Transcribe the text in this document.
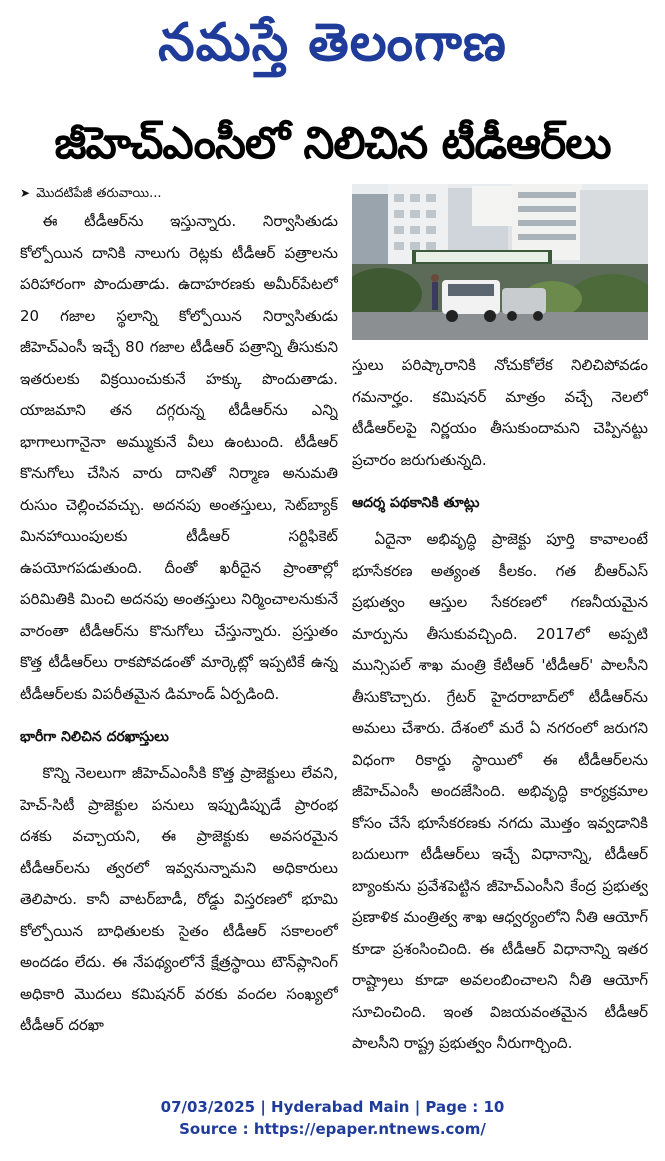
నమస్తే తెలంగాణ
జీహెచ్‌ఎంసీలో నిలిచిన టీడీఆర్‌లు
➤ మొదటిపేజీ తరువాయి...

ఈ టీడీఆర్‌ను ఇస్తున్నారు. నిర్వాసితుడు కోల్పోయిన దానికి నాలుగు రెట్లకు టీడీఆర్ పత్రాలను పరిహారంగా పొందుతాడు. ఉదాహరణకు అమీర్‌పేటలో 20 గజాల స్థలాన్ని కోల్పోయిన నిర్వాసితుడు జీహెచ్‌ఎంసీ ఇచ్చే 80 గజాల టీడీఆర్ పత్రాన్ని తీసుకుని ఇతరులకు విక్రయించుకునే హక్కు పొందుతాడు. యాజమాని తన దగ్గరున్న టీడీఆర్‌ను ఎన్ని భాగాలుగానైనా అమ్ముకునే వీలు ఉంటుంది. టీడీఆర్ కొనుగోలు చేసిన వారు దానితో నిర్మాణ అనుమతి రుసుం చెల్లించవచ్చు. అదనపు అంతస్తులు, సెట్‌బ్యాక్ మినహాయింపులకు టీడీఆర్ సర్టిఫికెట్ ఉపయోగపడుతుంది. దీంతో ఖరీదైన ప్రాంతాల్లో పరిమితికి మించి అదనపు అంతస్తులు నిర్మించాలనుకునే వారంతా టీడీఆర్‌ను కొనుగోలు చేస్తున్నారు. ప్రస్తుతం కొత్త టీడీఆర్‌లు రాకపోవడంతో మార్కెట్లో ఇప్పటికే ఉన్న టీడీఆర్‌లకు విపరీతమైన డిమాండ్ ఏర్పడింది.

భారీగా నిలిచిన దరఖాస్తులు

కొన్ని నెలలుగా జీహెచ్‌ఎంసీకి కొత్త ప్రాజెక్టులు లేవని, హెచ్-సిటీ ప్రాజెక్టుల పనులు ఇప్పుడిప్పుడే ప్రారంభ దశకు వచ్చాయని, ఈ ప్రాజెక్టుకు అవసరమైన టీడీఆర్‌లను త్వరలో ఇవ్వనున్నామని అధికారులు తెలిపారు. కానీ వాటర్‌బాడీ, రోడ్డు విస్తరణలో భూమి కోల్పోయిన బాధితులకు సైతం టీడీఆర్ సకాలంలో అందడం లేదు. ఈ నేపథ్యంలోనే క్షేత్రస్థాయి టౌన్‌ప్లానింగ్ అధికారి మొదలు కమిషనర్ వరకు వందల సంఖ్యలో టీడీఆర్ దరఖా

స్తులు పరిష్కారానికి నోచుకోలేక నిలిచిపోవడం గమనార్హం. కమిషనర్ మాత్రం వచ్చే నెలలో టీడీఆర్‌లపై నిర్ణయం తీసుకుందామని చెప్పినట్టు ప్రచారం జరుగుతున్నది.

ఆదర్శ పథకానికి తూట్లు

ఏదైనా అభివృద్ధి ప్రాజెక్టు పూర్తి కావాలంటే భూసేకరణ అత్యంత కీలకం. గత బీఆర్‌ఎస్ ప్రభుత్వం ఆస్తుల సేకరణలో గణనీయమైన మార్పును తీసుకువచ్చింది. 2017లో అప్పటి మున్సిపల్ శాఖ మంత్రి కేటీఆర్ 'టీడీఆర్' పాలసీని తీసుకొచ్చారు. గ్రేటర్ హైదరాబాద్‌లో టీడీఆర్‌ను అమలు చేశారు. దేశంలో మరే ఏ నగరంలో జరుగని విధంగా రికార్డు స్థాయిలో ఈ టీడీఆర్‌లను జీహెచ్‌ఎంసీ అందజేసింది. అభివృద్ధి కార్యక్రమాల కోసం చేసే భూసేకరణకు నగదు మొత్తం ఇవ్వడానికి బదులుగా టీడీఆర్‌లు ఇచ్చే విధానాన్ని, టీడీఆర్ బ్యాంకును ప్రవేశపెట్టిన జీహెచ్‌ఎంసీని కేంద్ర ప్రభుత్వ ప్రణాళిక మంత్రిత్వ శాఖ ఆధ్వర్యంలోని నీతి ఆయోగ్ కూడా ప్రశంసించింది. ఈ టీడీఆర్ విధానాన్ని ఇతర రాష్ట్రాలు కూడా అవలంబించాలని నీతి ఆయోగ్ సూచించింది. ఇంత విజయవంతమైన టీడీఆర్ పాలసీని రాష్ట్ర ప్రభుత్వం నీరుగార్చింది.

07/03/2025 | Hyderabad Main | Page : 10
Source : https://epaper.ntnews.com/
